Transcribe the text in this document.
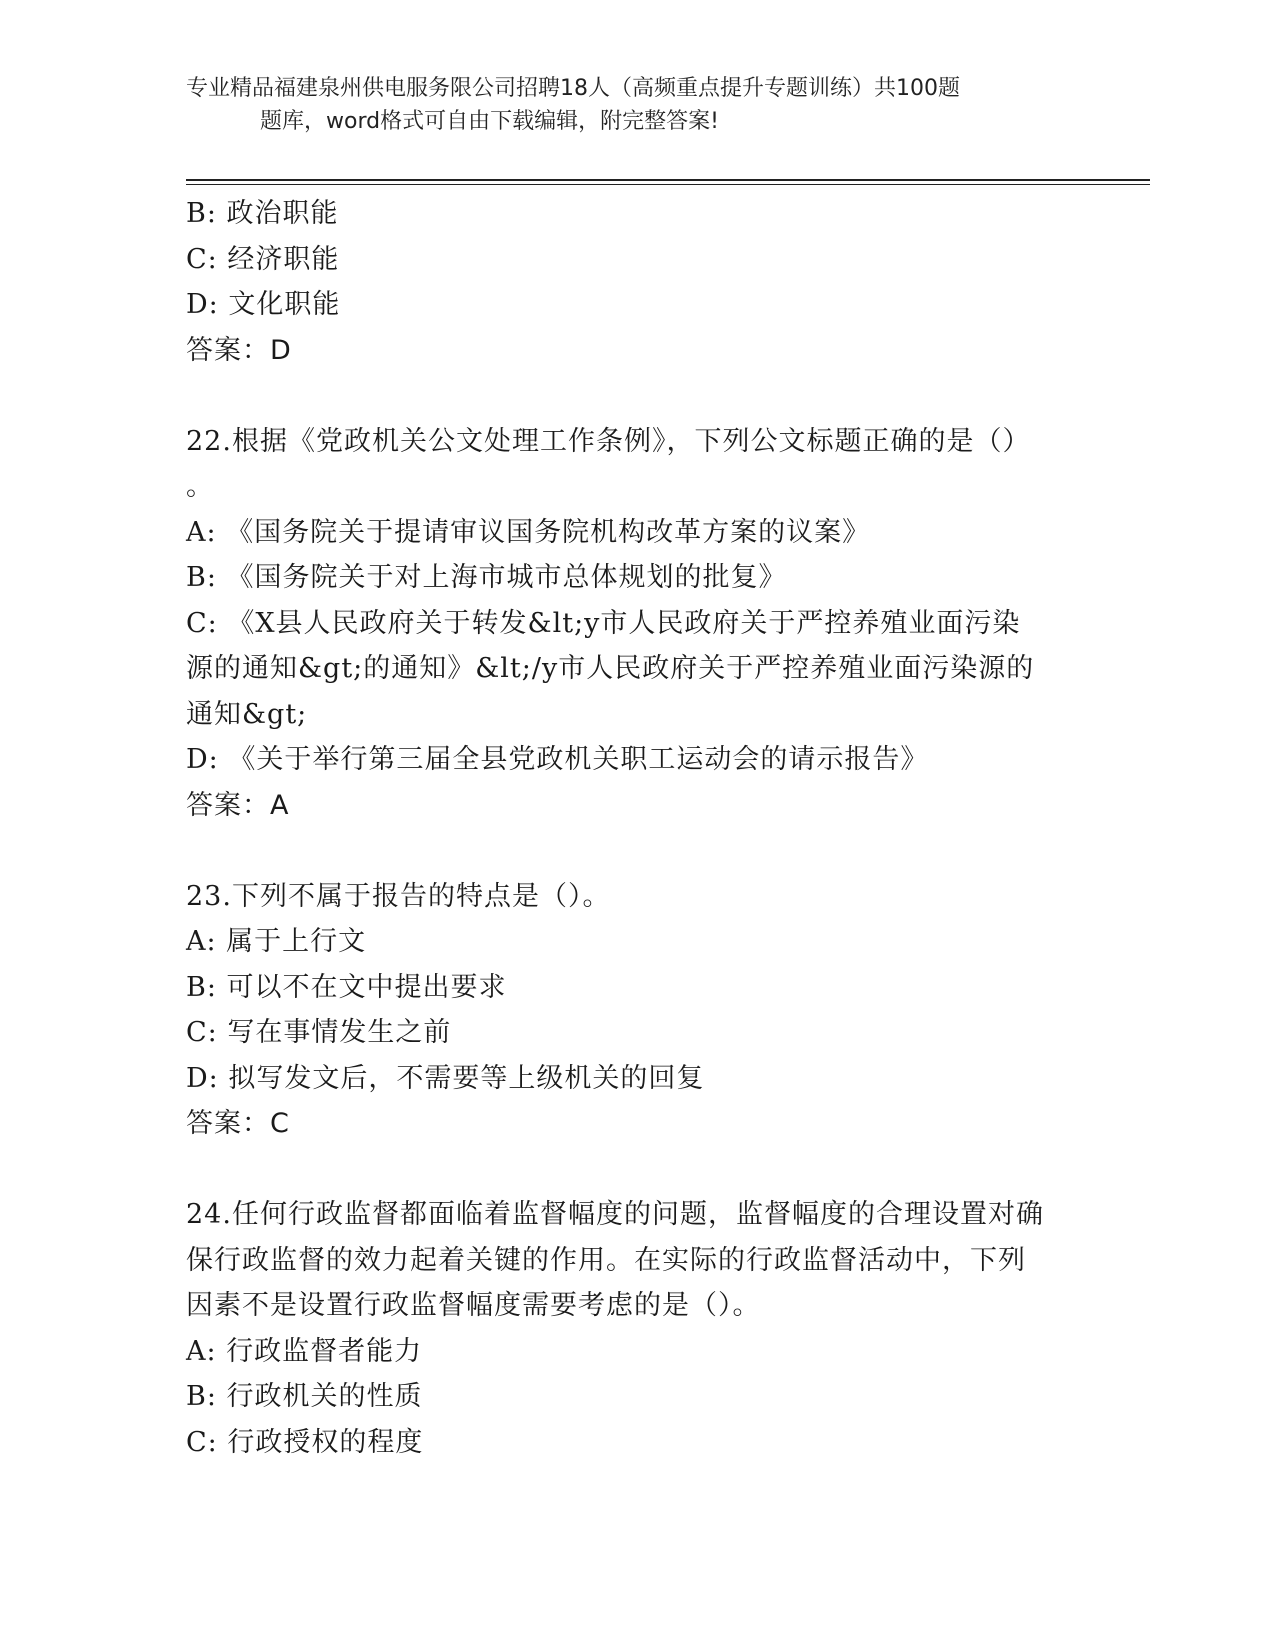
专业精品福建泉州供电服务限公司招聘18人（高频重点提升专题训练）共100题
题库，word格式可自由下载编辑，附完整答案!
B: 政治职能
C: 经济职能
D: 文化职能
答案：D
22.根据《党政机关公文处理工作条例》，下列公文标题正确的是（）
。
A: 《国务院关于提请审议国务院机构改革方案的议案》
B: 《国务院关于对上海市城市总体规划的批复》
C: 《X县人民政府关于转发&lt;y市人民政府关于严控养殖业面污染
源的通知&gt;的通知》&lt;/y市人民政府关于严控养殖业面污染源的
通知&gt;
D: 《关于举行第三届全县党政机关职工运动会的请示报告》
答案：A
23.下列不属于报告的特点是（）。
A: 属于上行文
B: 可以不在文中提出要求
C: 写在事情发生之前
D: 拟写发文后，不需要等上级机关的回复
答案：C
24.任何行政监督都面临着监督幅度的问题，监督幅度的合理设置对确
保行政监督的效力起着关键的作用。在实际的行政监督活动中，下列
因素不是设置行政监督幅度需要考虑的是（）。
A: 行政监督者能力
B: 行政机关的性质
C: 行政授权的程度
